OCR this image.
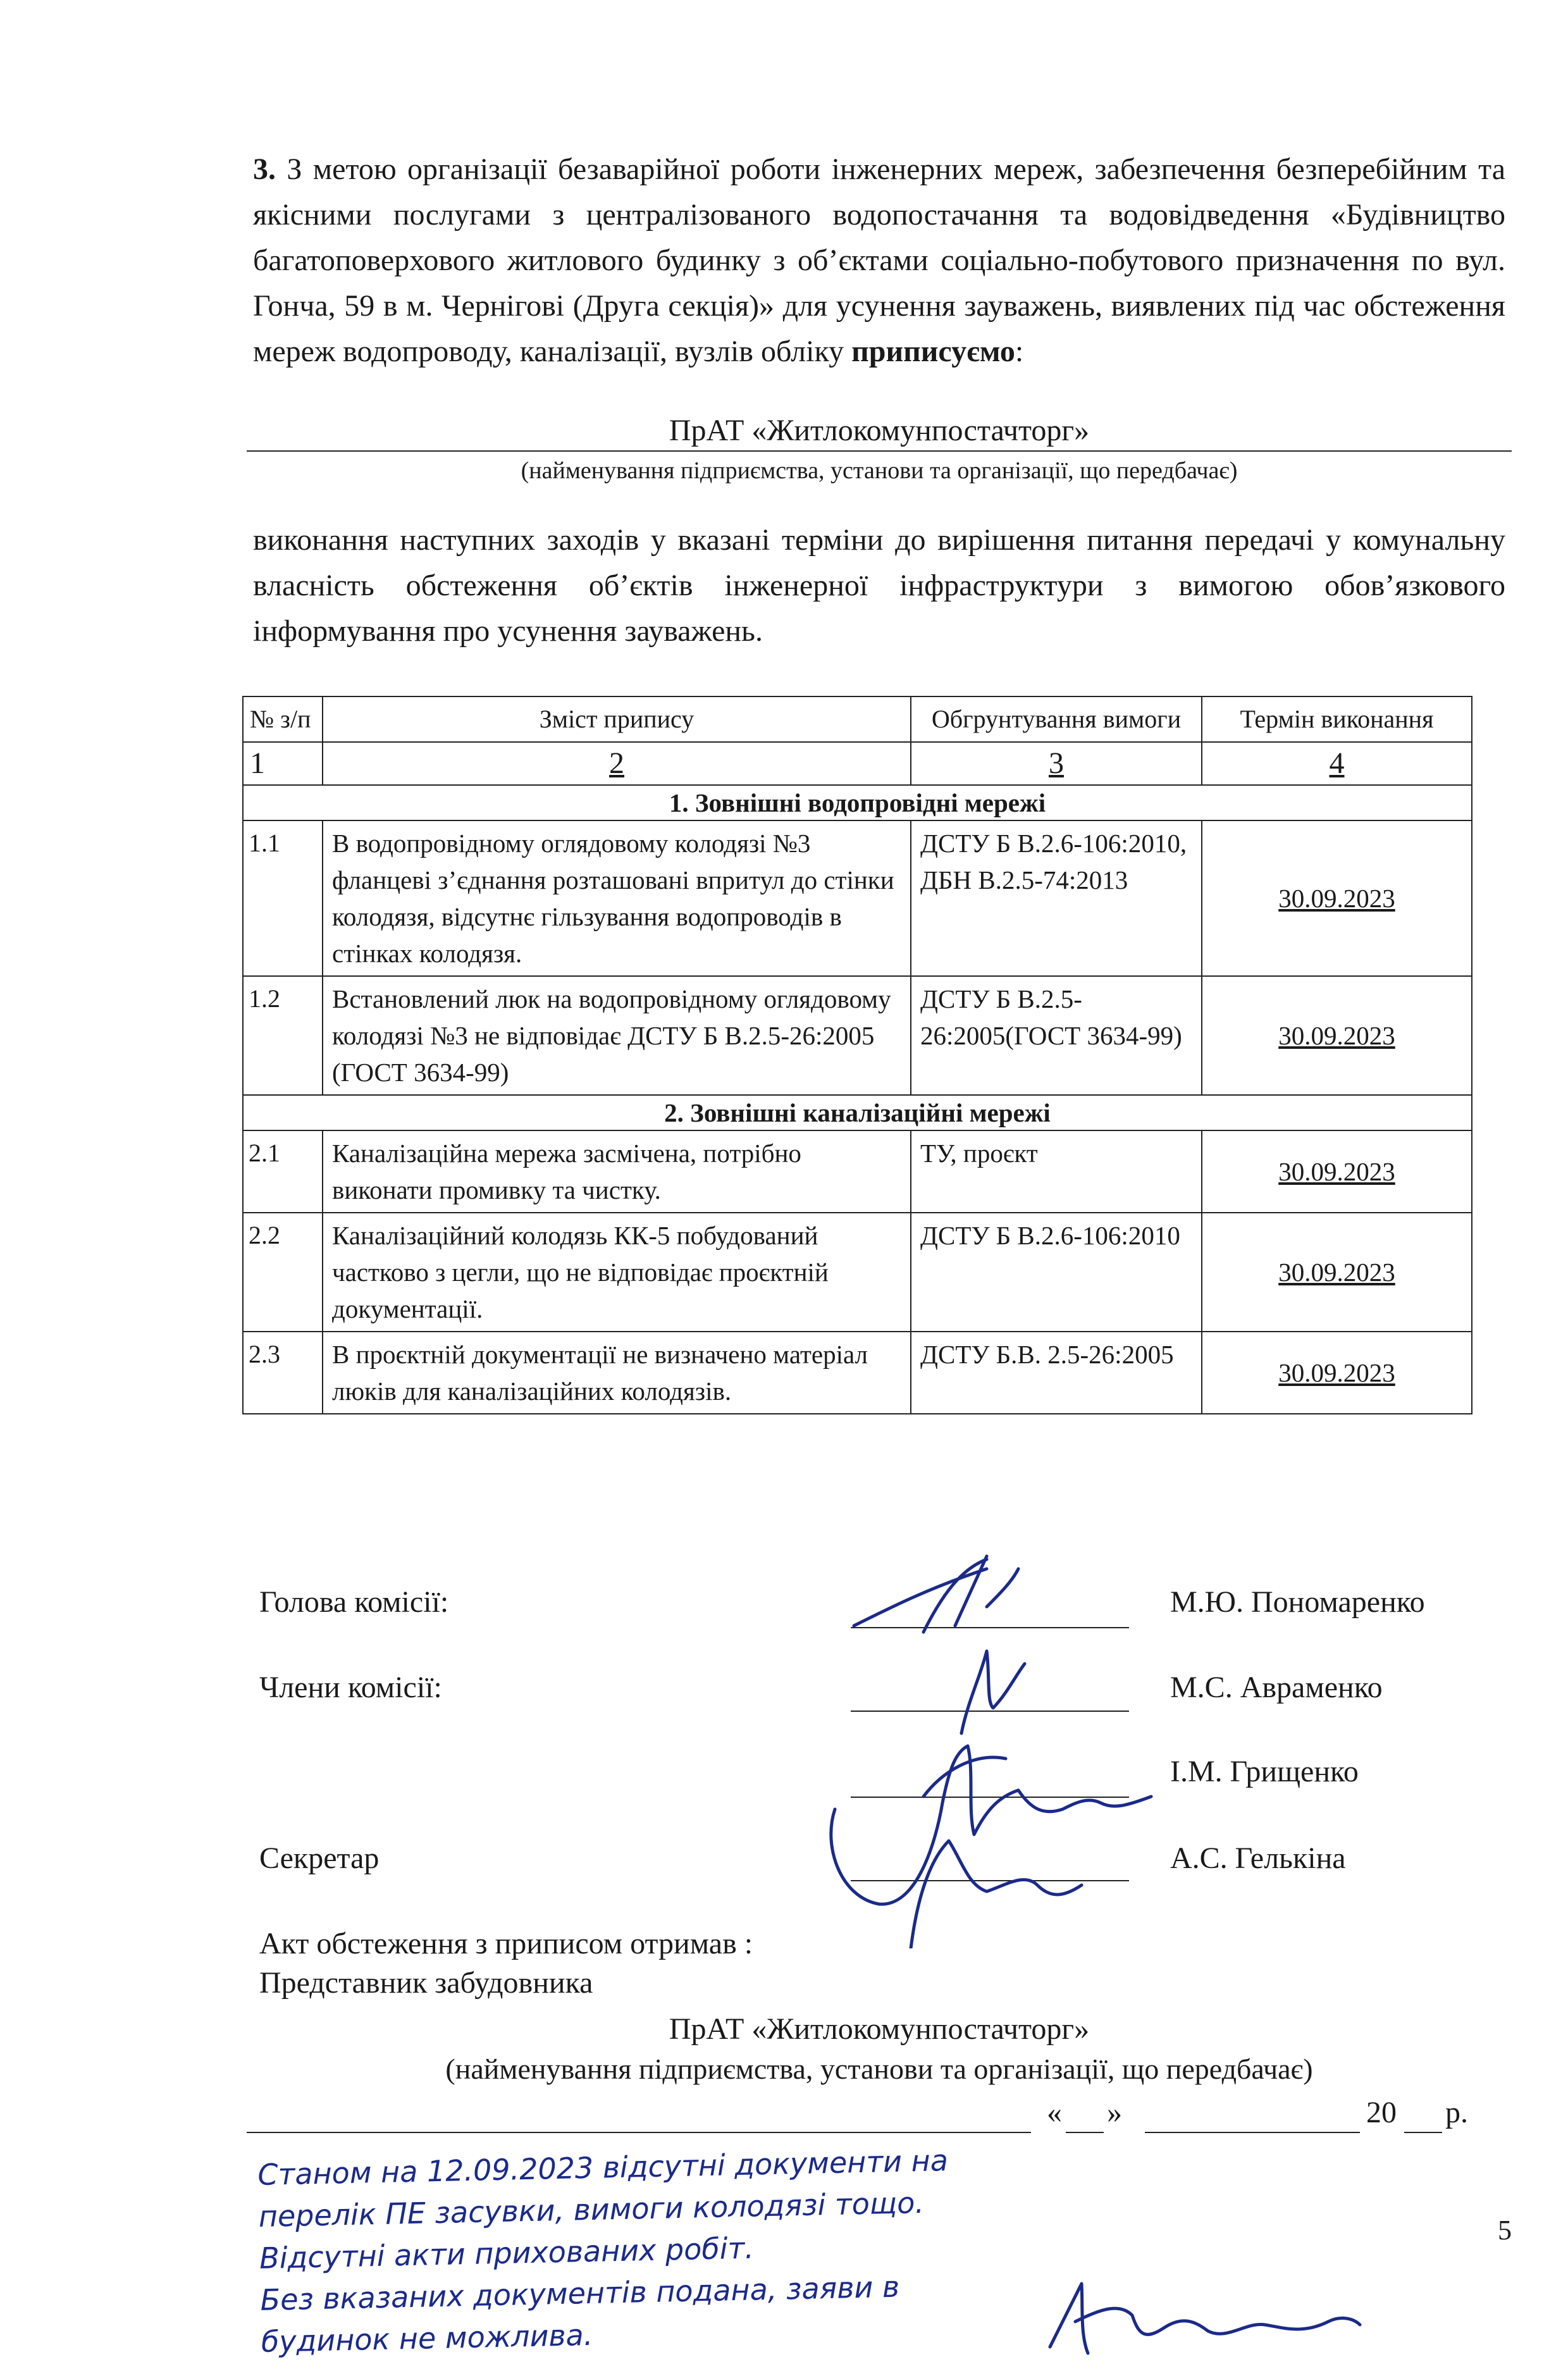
3. З метою організації безаварійної роботи інженерних мереж, забезпечення безперебійним та якісними послугами з централізованого водопостачання та водовідведення «Будівництво багатоповерхового житлового будинку з об’єктами соціально-побутового призначення по вул. Гонча, 59 в м. Чернігові (Друга секція)» для усунення зауважень, виявлених під час обстеження мереж водопроводу, каналізації, вузлів обліку приписуємо:
ПрАТ «Житлокомунпостачторг»
(найменування підприємства, установи та організації, що передбачає)
виконання наступних заходів у вказані терміни до вирішення питання передачі у комунальну власність обстеження об’єктів інженерної інфраструктури з вимогою обов’язкового інформування про усунення зауважень.
№ з/п	Зміст припису	Обгрунтування вимоги	Термін виконання
1	2	3	4
1. Зовнішні водопровідні мережі			
1.1	В водопровідному оглядовому колодязі №3 фланцеві з’єднання розташовані впритул до стінки колодязя, відсутнє гільзування водопроводів в стінках колодязя.	ДСТУ Б В.2.6-106:2010, ДБН В.2.5-74:2013	30.09.2023
1.2	Встановлений люк на водопровідному оглядовому колодязі №3 не відповідає ДСТУ Б В.2.5-26:2005 (ГОСТ 3634-99)	ДСТУ Б В.2.5-26:2005(ГОСТ 3634-99)	30.09.2023
2. Зовнішні каналізаційні мережі			
2.1	Каналізаційна мережа засмічена, потрібно виконати промивку та чистку.	ТУ, проєкт	30.09.2023
2.2	Каналізаційний колодязь КК-5 побудований частково з цегли, що не відповідає проєктній документації.	ДСТУ Б В.2.6-106:2010	30.09.2023
2.3	В проєктній документації не визначено матеріал люків для каналізаційних колодязів.	ДСТУ Б.В. 2.5-26:2005	30.09.2023
Голова комісії:	М.Ю. Пономаренко
Члени комісії:	М.С. Авраменко
І.М. Грищенко
Секретар	А.С. Гелькіна
Акт обстеження з приписом отримав :
Представник забудовника
ПрАТ «Житлокомунпостачторг»
(найменування підприємства, установи та організації, що передбачає)
« »	20 р.
Станом на 12.09.2023 відсутні документи на
перелік ПЕ засувки, вимоги колодязі тощо.
Відсутні акти прихованих робіт.
Без вказаних документів подана, заяви в
будинок не можлива.
5
